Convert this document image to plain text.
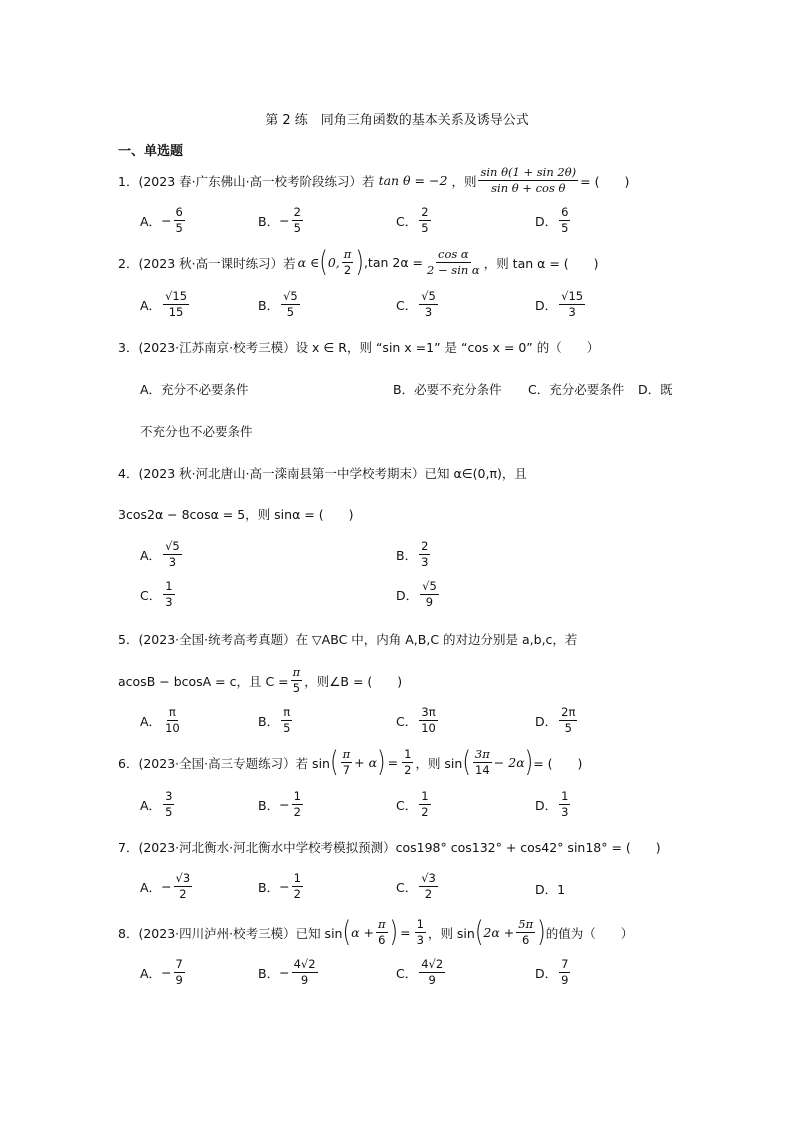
第 2 练　同角三角函数的基本关系及诱导公式
一、单选题
1．(2023 春·广东佛山·高一校考阶段练习）若 tan θ = −2 ，则 $\frac{\text{sin θ(1 + sin 2θ)}}{\text{sin θ + cos θ}}$ = (　　)
A． − $\frac{6}{5}$	B． − $\frac{2}{5}$	C． $\frac{2}{5}$	D． $\frac{6}{5}$
2．(2023 秋·高一课时练习）若 α ∈ ( 0, $\frac{\pi}{2}$ ) ,tan $2\alpha = \frac{\text{cos α}}{\text{2 − sin α}}$ ，则 tan α = (　　)
A． $\frac{√15}{15}$	B． $\frac{√5}{5}$	C． $\frac{√5}{3}$	D． $\frac{√15}{3}$
3．(2023·江苏南京·校考三模）设 x ∈ R，则 “sin x =1” 是 “cos x = 0” 的（　　）
A．充分不必要条件	B．必要不充分条件 C．充分必要条件 D．既
不充分也不必要条件
4．(2023 秋·河北唐山·高一滦南县第一中学校考期末）已知 α∈(0,π)，且
3cos2α − 8cosα = 5，则 sinα = (　　)
A． $\frac{√5}{3}$	B． $\frac{2}{3}$
C． $\frac{1}{3}$	D． $\frac{√5}{9}$
5．(2023·全国·统考高考真题）在 ▽ABC 中，内角 A,B,C 的对边分别是 a,b,c，若
acosB − bcosA = c，且 $C = \frac{\pi}{5}$ ，则∠B = (　　)
A． $\frac{\pi}{10}$	B． $\frac{\pi}{5}$	C． $\frac{3\pi}{10}$	D． $\frac{2\pi}{5}$
6．(2023·全国·高三专题练习）若 sin ( $\frac{\pi}{7} + \alpha$ ) = $\frac{1}{2}$ ，则 sin ( $\frac{3\pi}{14} - 2\alpha$ ) = (　　)
A． $\frac{3}{5}$	B． − $\frac{1}{2}$	C． $\frac{1}{2}$	D． $\frac{1}{3}$
7．(2023·河北衡水·河北衡水中学校考模拟预测）cos198° cos132° + cos42° sin18° = (　　)
A． − $\frac{√3}{2}$	B． − $\frac{1}{2}$	C． $\frac{√3}{2}$	D．1
8．(2023·四川泸州·校考三模）已知 sin ( $\alpha + \frac{\pi}{6}$ ) = $\frac{1}{3}$ ，则 sin ( $2\alpha + \frac{5\pi}{6}$ ) 的值为（　　）
A． − $\frac{7}{9}$	B． − $\frac{4√2}{9}$	C． $\frac{4√2}{9}$	D． $\frac{7}{9}$
